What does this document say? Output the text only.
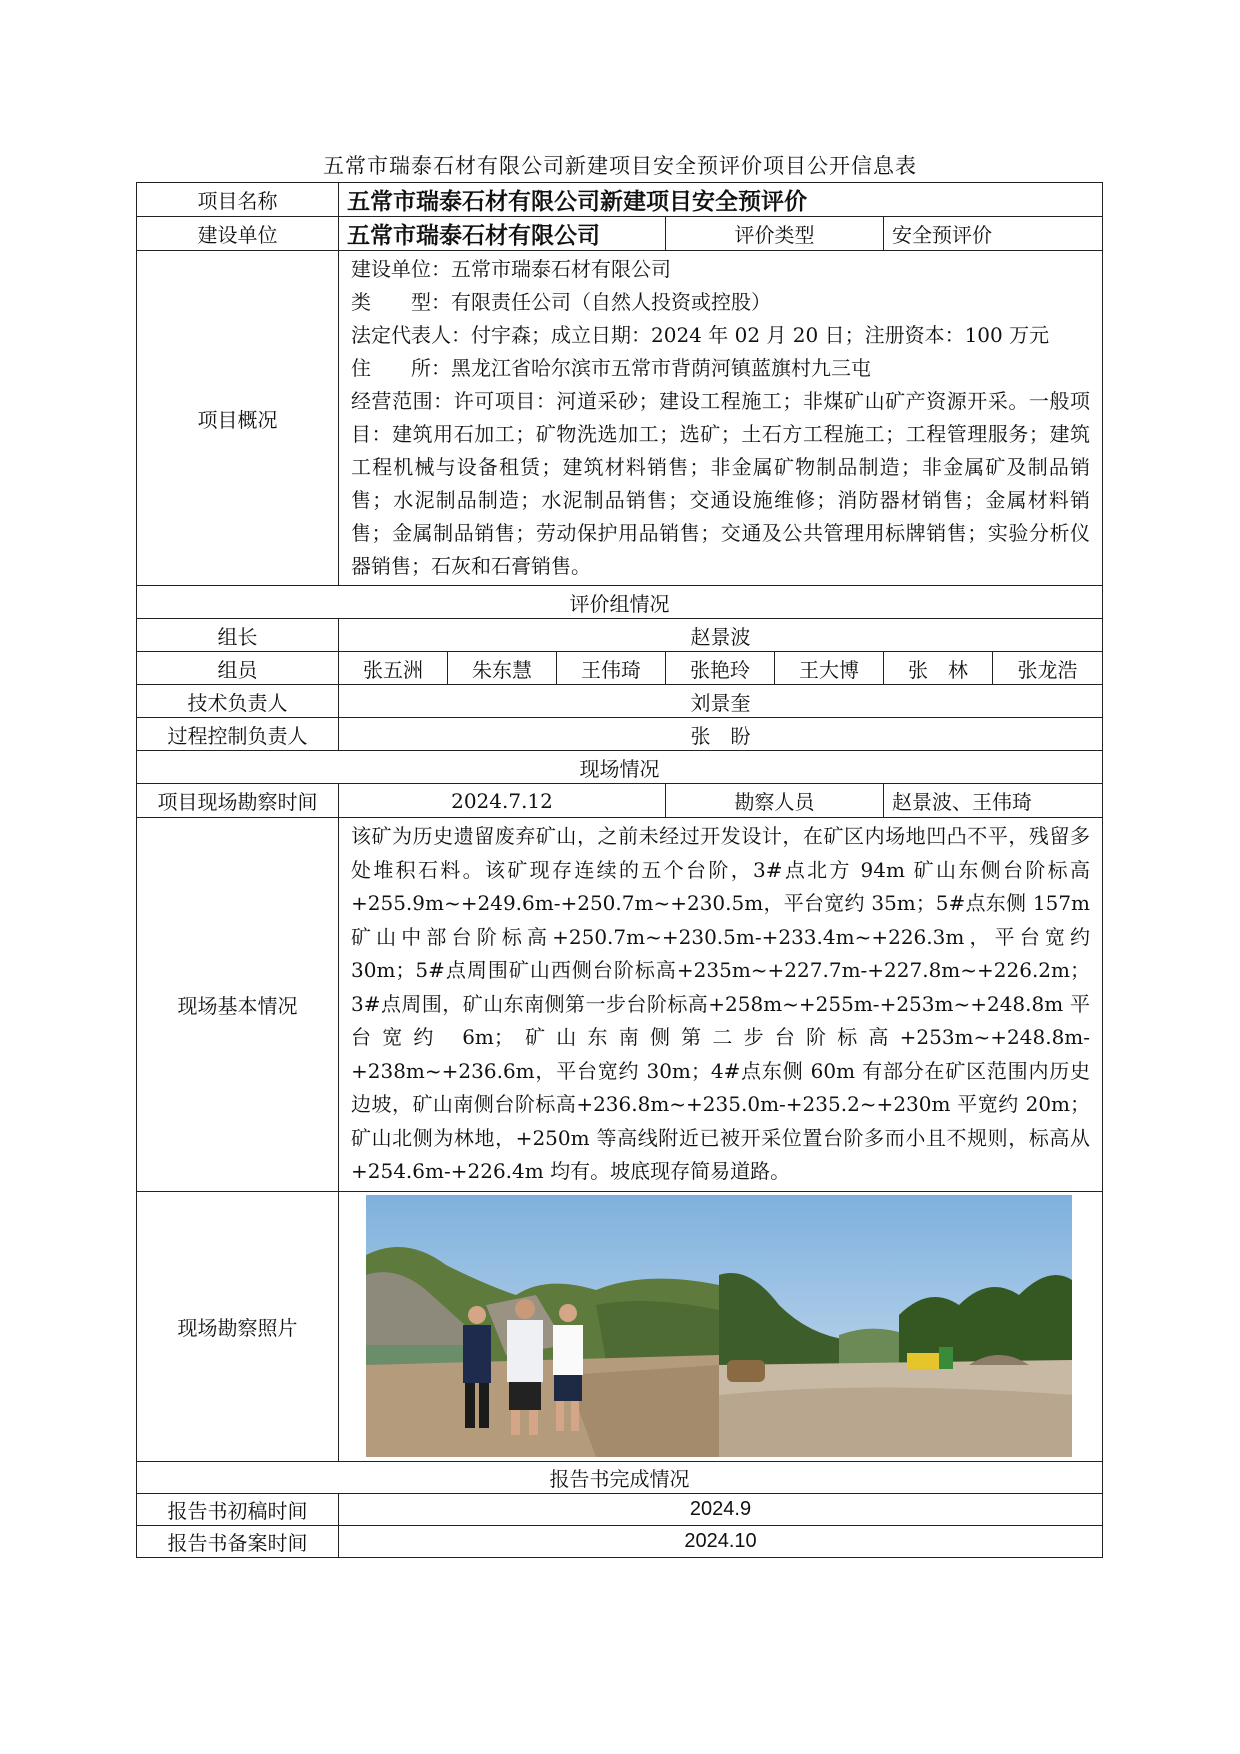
五常市瑞泰石材有限公司新建项目安全预评价项目公开信息表
项目名称	五常市瑞泰石材有限公司新建项目安全预评价						
建设单位	五常市瑞泰石材有限公司			评价类型		安全预评价	
项目概况	建设单位：五常市瑞泰石材有限公司
类　　型：有限责任公司（自然人投资或控股）
法定代表人：付宇森；成立日期：2024 年 02 月 20 日；注册资本：100 万元
住　　所：黑龙江省哈尔滨市五常市背荫河镇蓝旗村九三屯
经营范围：许可项目：河道采砂；建设工程施工；非煤矿山矿产资源开采。一般项目：建筑用石加工；矿物洗选加工；选矿；土石方工程施工；工程管理服务；建筑工程机械与设备租赁；建筑材料销售；非金属矿物制品制造；非金属矿及制品销售；水泥制品制造；水泥制品销售；交通设施维修；消防器材销售；金属材料销售；金属制品销售；劳动保护用品销售；交通及公共管理用标牌销售；实验分析仪器销售；石灰和石膏销售。						

评价组情况							
组长	赵景波						
组员	张五洲	朱东慧	王伟琦	张艳玲	王大博	张　林	张龙浩
技术负责人	刘景奎						
过程控制负责人	张　盼						
现场情况							
项目现场勘察时间	2024.7.12			勘察人员		赵景波、王伟琦	
现场基本情况	该矿为历史遗留废弃矿山，之前未经过开发设计，在矿区内场地凹凸不平，残留多处堆积石料。该矿现存连续的五个台阶，3#点北方 94m 矿山东侧台阶标高+255.9m~+249.6m-+250.7m~+230.5m，平台宽约 35m；5#点东侧 157m 矿山中部台阶标高+250.7m~+230.5m-+233.4m~+226.3m，平台宽约 30m；5#点周围矿山西侧台阶标高+235m~+227.7m-+227.8m~+226.2m；3#点周围，矿山东南侧第一步台阶标高+258m~+255m-+253m~+248.8m 平台宽约 6m；矿山东南侧第二步台阶标高+253m~+248.8m-+238m~+236.6m，平台宽约 30m；4#点东侧 60m 有部分在矿区范围内历史边坡，矿山南侧台阶标高+236.8m~+235.0m-+235.2~+230m 平宽约 20m；矿山北侧为林地，+250m 等高线附近已被开采位置台阶多而小且不规则，标高从+254.6m-+226.4m 均有。坡底现存简易道路。						
现场勘察照片	

报告书完成情况							
报告书初稿时间	2024.9						
报告书备案时间	2024.10						
